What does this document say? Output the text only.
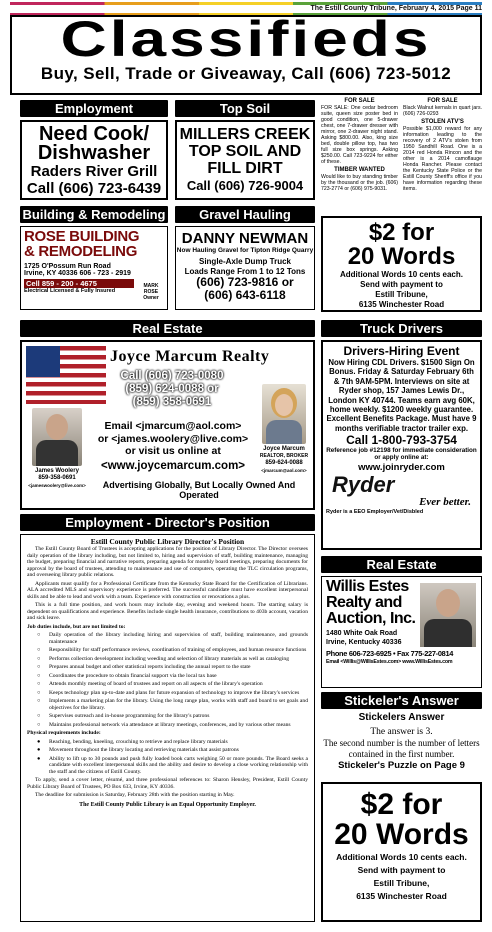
The Estill County Tribune, February 4, 2015 Page 11
Classifieds
Buy, Sell, Trade or Giveaway, Call (606) 723-5012
Employment
Need Cook/
Dishwasher
Raders River Grill
Call (606) 723-6439
Top Soil
MILLERS CREEK
TOP SOIL AND
FILL DIRT
Call (606) 726-9004
FOR SALE
FOR SALE: One cedar bedroom suite, queen size poster bed in good condition, one 5-drawer chest, one 7-drawer dresser with mirror, one 2-drawer night stand. Asking $800.00. Also, king size bed, double pillow top, has two full size box springs. Asking $250.00. Call 723-9224 for either of these.
TIMBER WANTED
Would like to buy standing timber by the thousand or the job. (606) 723-2774 or (606) 975-9031.
FOR SALE
Black Walnut kernals in quart jars. (606) 726-0293
STOLEN ATV'S
Possible $1,000 reward for any information leading to the recovery of 2 ATV's stolen from 1950 Sandhill Road. One is a 2014 red Honda Rincon and the other is a 2014 camoflauge Honda Rancher. Please contact the Kentucky State Police or the Estill County Sheriff's office if you have information regarding these items.
Building & Remodeling
ROSE BUILDING
& REMODELING
1725 O'Possum Run Road
Irvine, KY 40336 606 - 723 - 2919
Cell 859 - 200 - 4675
Electrical Licensed & Fully Insured
MARK ROSE Owner
Gravel Hauling
DANNY NEWMAN
Now Hauling Gravel for Tipton Ridge Quarry
Single-Axle Dump Truck
Loads Range From 1 to 12 Tons
(606) 723-9816 or
(606) 643-6118
$2 for
20 Words
Additional Words 10 cents each.
Send with payment to
Estill Tribune,
6135 Winchester Road
Real Estate
Joyce Marcum Realty
Call (606) 723-0080
(859) 624-0088 or
(859) 358-0691
Email <jmarcum@aol.com>
or <james.woolery@live.com>
or visit us online at
<www.joycemarcum.com>
James Woolery
859-358-0691
<jameswoolery@live.com>
Joyce Marcum
REALTOR, BROKER
859-624-0088
<jmarcum@aol.com>
Advertising Globally, But Locally Owned And Operated
Truck Drivers
Drivers-Hiring Event
Now Hiring CDL Drivers. $1500 Sign On Bonus. Friday & Saturday February 6th & 7th 9AM-5PM. Interviews on site at Ryder shop, 157 James Lewis Dr., London KY 40744. Teams earn avg 60K, home weekly. $1200 weekly guarantee. Excellent Benefits Package. Must have 9 months verifiable tractor trailer exp.
Call 1-800-793-3754
Reference job #12198 for immediate consideration or apply online at:
www.joinryder.com
Ryder
Ever better.
Ryder is a EEO Employer/Vet/Disbled
Real Estate
Willis Estes
Realty and
Auction, Inc.
1480 White Oak Road
Irvine, Kentucky 40336
Phone 606-723-6925 • Fax 775-227-0814
Email <Willis@WillisEstes.com> www.WillisEstes.com
Stickeler's Answer
Stickelers Answer
The answer is 3.
The second number is the number of letters contained in the first number.
Stickeler's Puzzle on Page 9
$2 for
20 Words
Additional Words 10 cents each.
Send with payment to
Estill Tribune,
6135 Winchester Road
Employment - Director's Position
Estill County Public Library Director's Position

The Estill County Board of Trustees is accepting applications for the position of Library Director. The Director oversees daily operation of the library including, but not limited to, hiring and supervision of staff, building maintenance, managing the budget, preparing financial and narrative reports, preparing agenda for monthly board meetings, preparing documents for approval by the board of trustees, attending to maintenance and use of computers, operating the TLC circulation programs, and overseeing library public relations.

Applicants must qualify for a Professional Certificate from the Kentucky State Board for the Certification of Librarians. ALA accredited MLS and supervisory experience is preferred. The successful candidate must have excellent interpersonal skills and be able to lead and work with a team. Experience with construction or renovations a plus.

This is a full time position, and work hours may include day, evening and weekend hours. The starting salary is dependent on qualifications and experience. Benefits include single health insurance, contributions to 403b account, vacation and sick leave.

Job duties include, but are not limited to:
○	Daily operation of the library including hiring and supervision of staff, building maintenance, and grounds maintenance
○	Responsibility for staff performance reviews, coordination of training of employees, and human resource functions
○	Performs collection development including weeding and selection of library materials as well as cataloging
○	Prepares annual budget and other statistical reports including the annual report to the state
○	Coordinates the procedure to obtain financial support via the local tax base
○	Attends monthly meeting of board of trustees and report on all aspects of the library's operation
○	Keeps technology plan up-to-date and plans for future expansion of technology to improve the library's services
○	Implements a marketing plan for the library. Using the long range plan, works with staff and board to set goals and objectives for the library.
○	Supervises outreach and in-house programming for the library's patrons
○	Maintains professional network via attendance at library meetings, conferences, and by various other means
Physical requirements include:
●	Reaching, bending, kneeling, crouching to retrieve and replace library materials
●	Movement throughout the library locating and retrieving materials that assist patrons
●	Ability to lift up to 30 pounds and push fully loaded book carts weighing 50 or more pounds. The Board seeks a candidate with excellent interpersonal skills and the ability and desire to develop a close working relationship with the staff and the citizens of Estill County.

To apply, send a cover letter, résumé, and three professional references to: Sharon Hensley, President, Estill County Public Library Board of Trustees, PO Box 633, Irvine, KY 40336.

The deadline for submission is Saturday, February 28th with the position starting in May.

The Estill County Public Library is an Equal Opportunity Employer.
